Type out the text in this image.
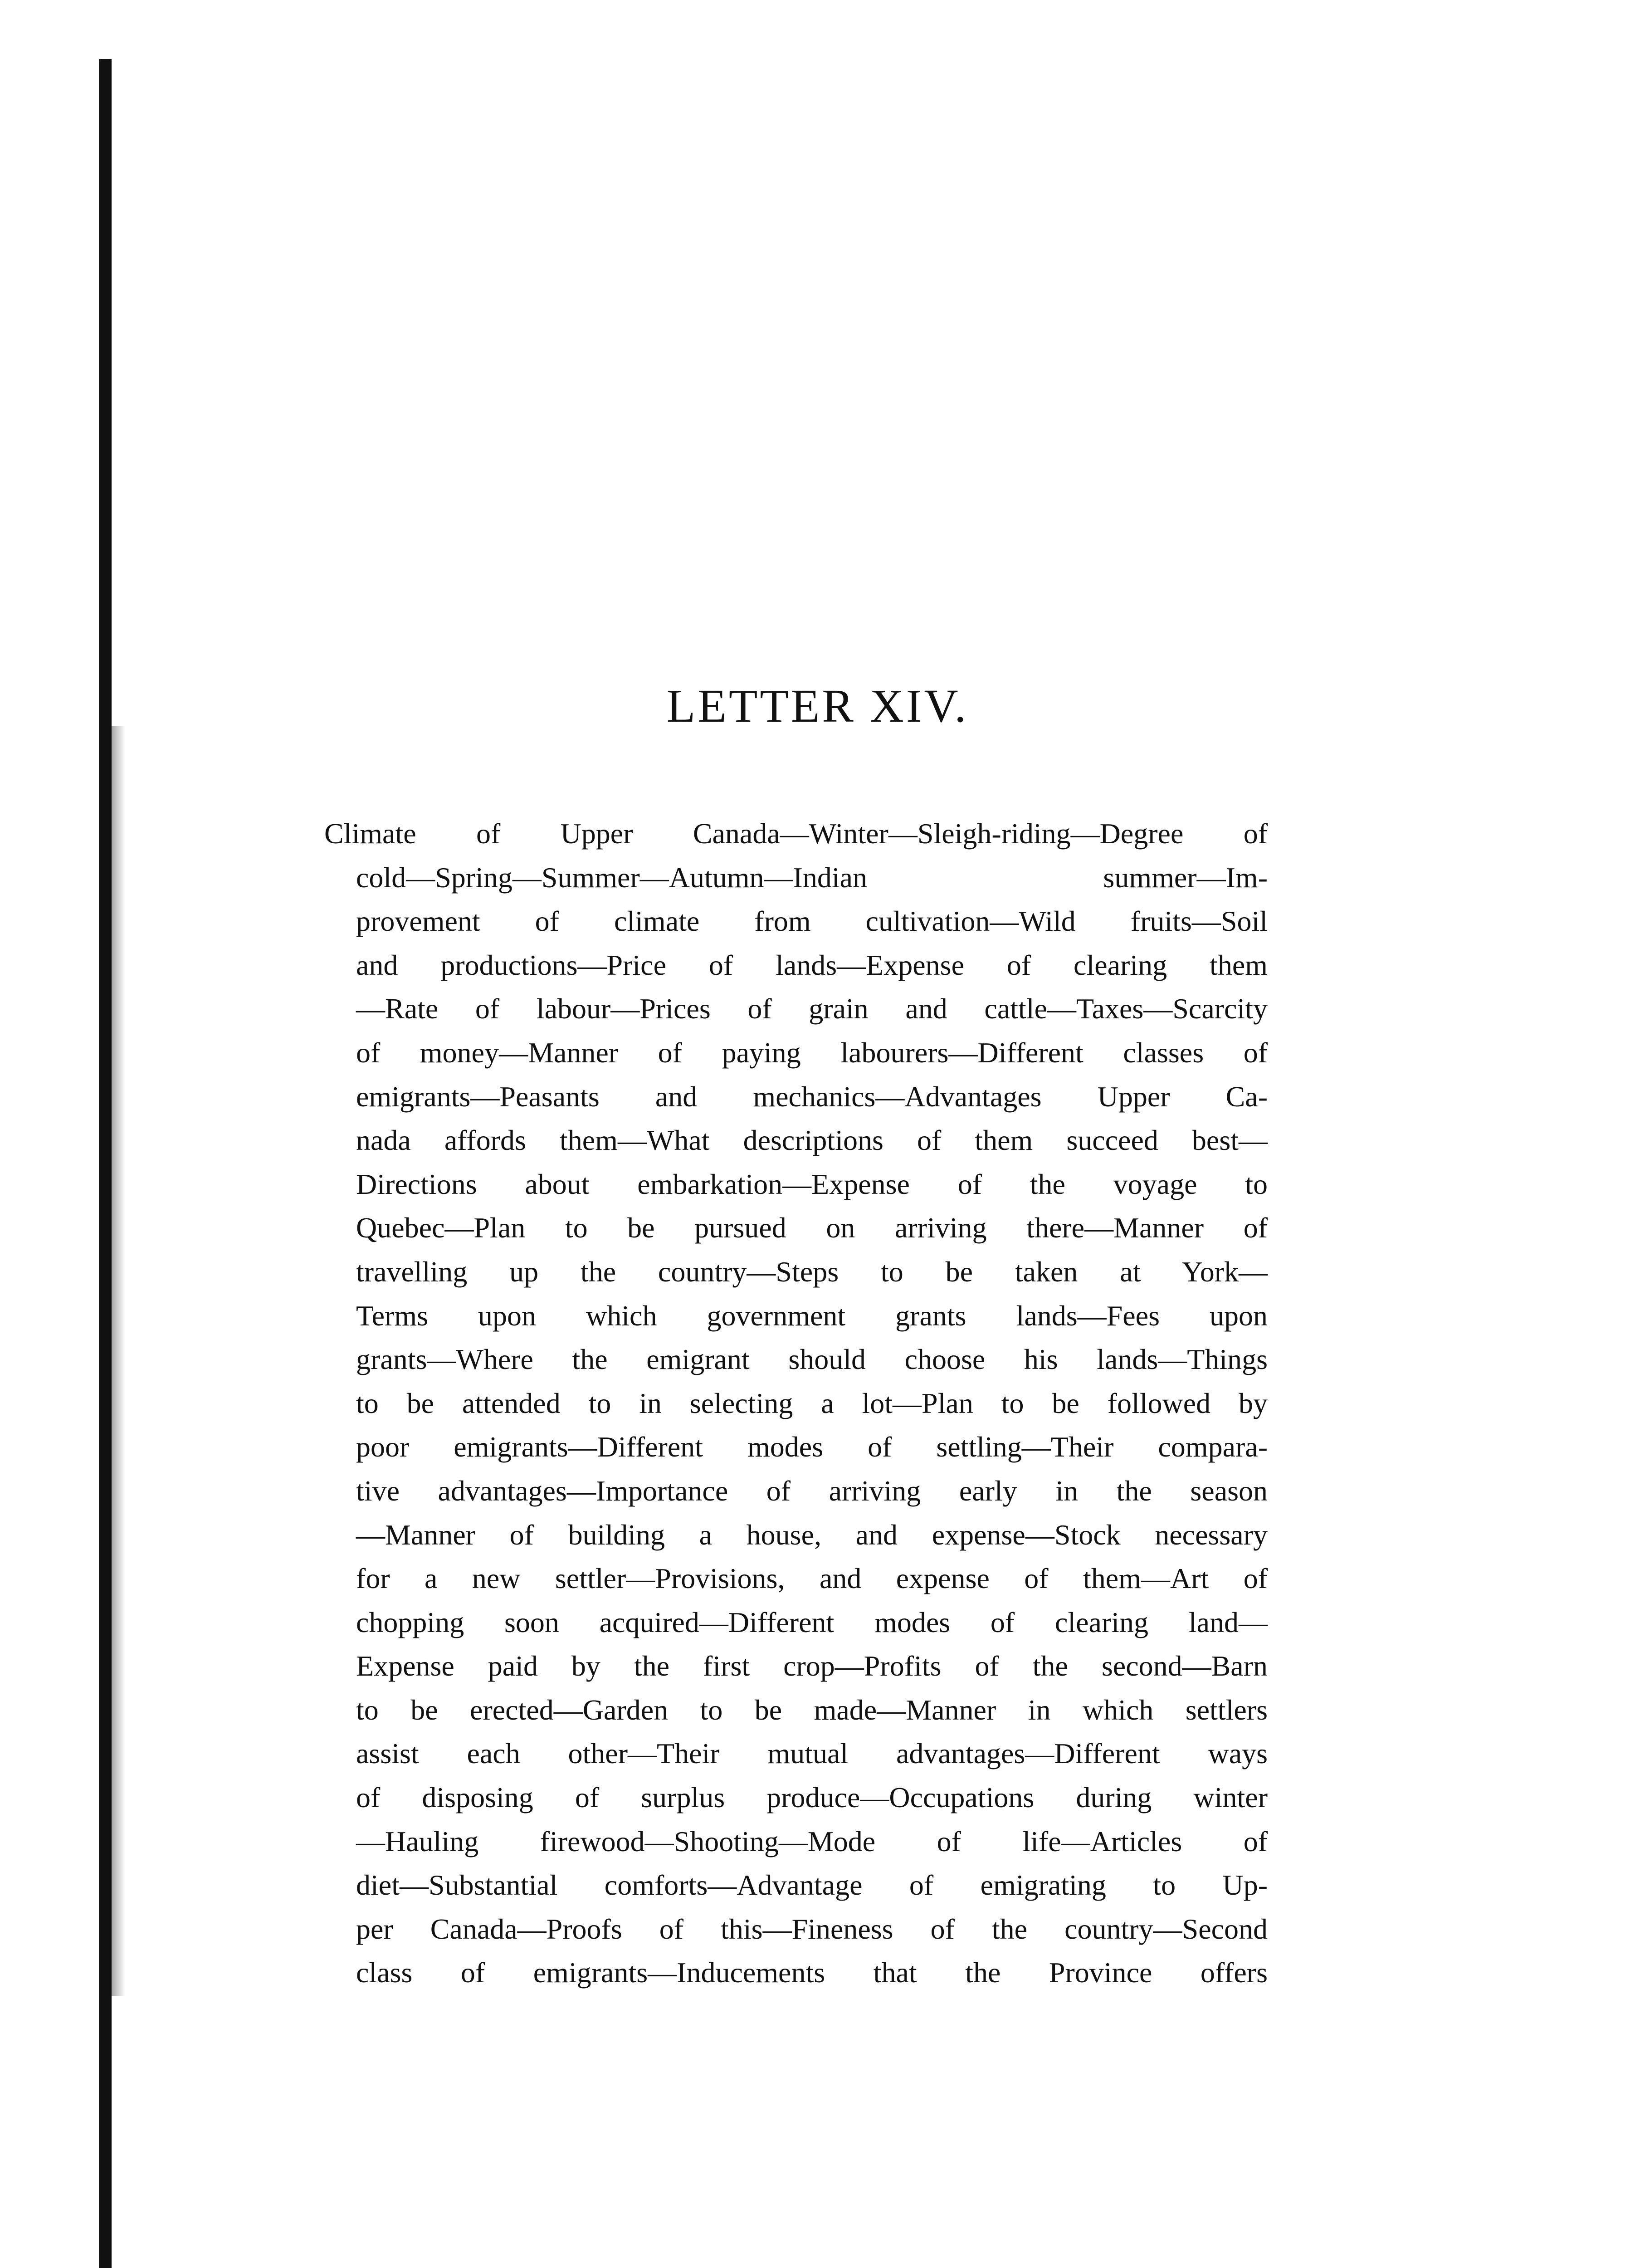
LETTER XIV.
Climate of Upper Canada—Winter—Sleigh-riding—Degree of
cold—Spring—Summer—Autumn—Indian summer—Im-
provement of climate from cultivation—Wild fruits—Soil
and productions—Price of lands—Expense of clearing them
—Rate of labour—Prices of grain and cattle—Taxes—Scarcity
of money—Manner of paying labourers—Different classes of
emigrants—Peasants and mechanics—Advantages Upper Ca-
nada affords them—What descriptions of them succeed best—
Directions about embarkation—Expense of the voyage to
Quebec—Plan to be pursued on arriving there—Manner of
travelling up the country—Steps to be taken at York—
Terms upon which government grants lands—Fees upon
grants—Where the emigrant should choose his lands—Things
to be attended to in selecting a lot—Plan to be followed by
poor emigrants—Different modes of settling—Their compara-
tive advantages—Importance of arriving early in the season
—Manner of building a house, and expense—Stock necessary
for a new settler—Provisions, and expense of them—Art of
chopping soon acquired—Different modes of clearing land—
Expense paid by the first crop—Profits of the second—Barn
to be erected—Garden to be made—Manner in which settlers
assist each other—Their mutual advantages—Different ways
of disposing of surplus produce—Occupations during winter
—Hauling firewood—Shooting—Mode of life—Articles of
diet—Substantial comforts—Advantage of emigrating to Up-
per Canada—Proofs of this—Fineness of the country—Second
class of emigrants—Inducements that the Province offers
